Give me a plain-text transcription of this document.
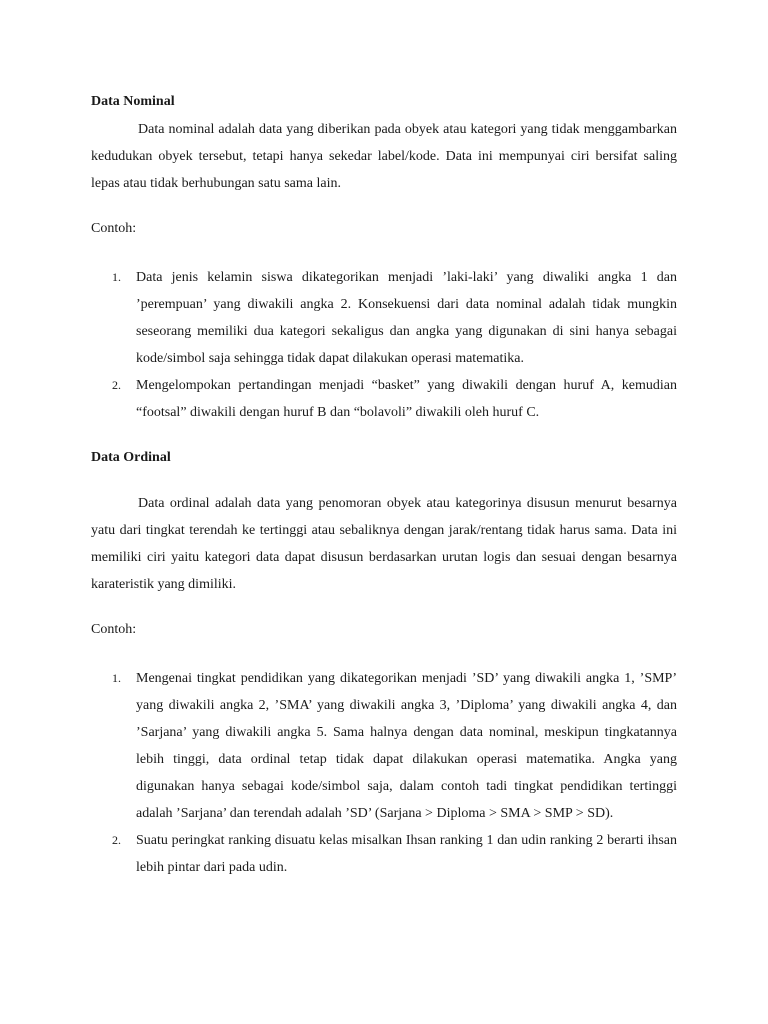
Data Nominal

Data nominal adalah data yang diberikan pada obyek atau kategori yang tidak menggambarkan kedudukan obyek tersebut, tetapi hanya sekedar label/kode. Data ini mempunyai ciri bersifat saling lepas atau tidak berhubungan satu sama lain.

Contoh:
1. Data jenis kelamin siswa dikategorikan menjadi ’laki-laki’ yang diwaliki angka 1 dan ’perempuan’ yang diwakili angka 2. Konsekuensi dari data nominal adalah tidak mungkin seseorang memiliki dua kategori sekaligus dan angka yang digunakan di sini hanya sebagai kode/simbol saja sehingga tidak dapat dilakukan operasi matematika.
2. Mengelompokan pertandingan menjadi “basket” yang diwakili dengan huruf A, kemudian “footsal” diwakili dengan huruf B dan “bolavoli” diwakili oleh huruf C.
Data Ordinal

Data ordinal adalah data yang penomoran obyek atau kategorinya disusun menurut besarnya yatu dari tingkat terendah ke tertinggi atau sebaliknya dengan jarak/rentang tidak harus sama. Data ini memiliki ciri yaitu kategori data dapat disusun berdasarkan urutan logis dan sesuai dengan besarnya karateristik yang dimiliki.

Contoh:
1. Mengenai tingkat pendidikan yang dikategorikan menjadi ’SD’ yang diwakili angka 1, ’SMP’ yang diwakili angka 2, ’SMA’ yang diwakili angka 3, ’Diploma’ yang diwakili angka 4, dan ’Sarjana’ yang diwakili angka 5. Sama halnya dengan data nominal, meskipun tingkatannya lebih tinggi, data ordinal tetap tidak dapat dilakukan operasi matematika. Angka yang digunakan hanya sebagai kode/simbol saja, dalam contoh tadi tingkat pendidikan tertinggi adalah ’Sarjana’ dan terendah adalah ’SD’ (Sarjana > Diploma > SMA > SMP > SD).
2. Suatu peringkat ranking disuatu kelas misalkan Ihsan ranking 1 dan udin ranking 2 berarti ihsan lebih pintar dari pada udin.
